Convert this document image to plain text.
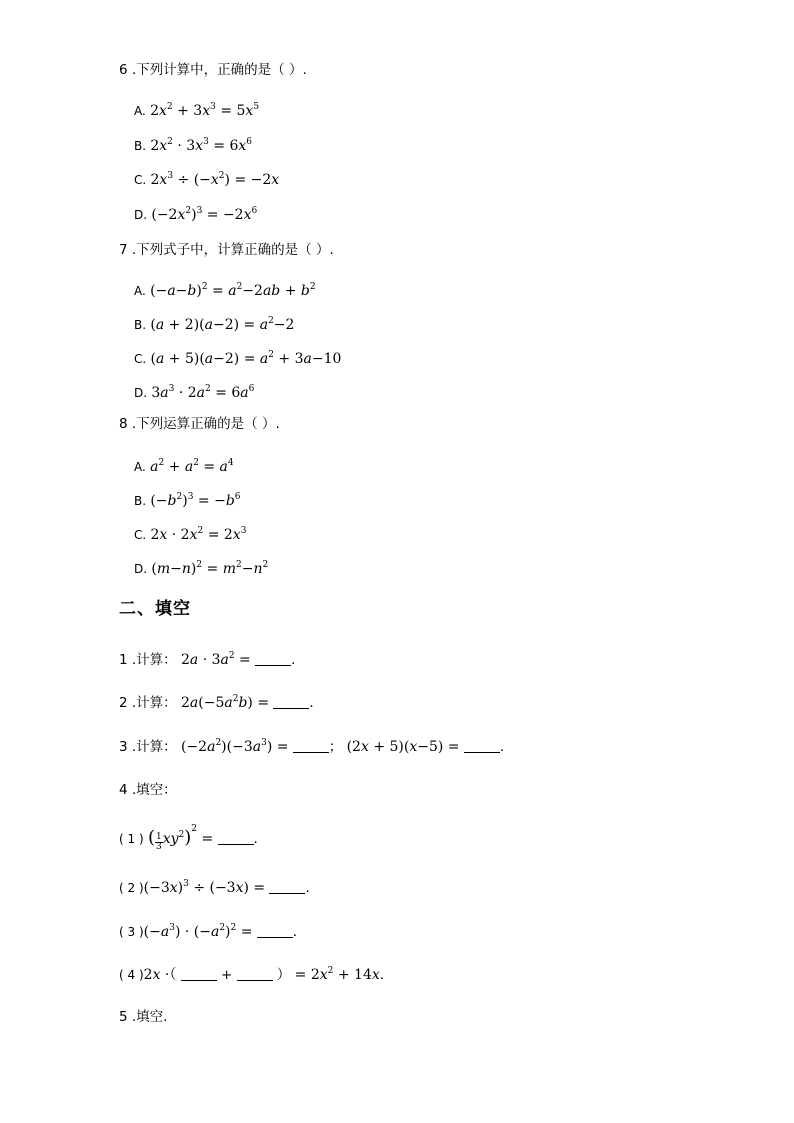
6 .下列计算中，正确的是（ ）.
A. $2x^2 + 3x^3 = 5x^5$
B. $2x^2 \cdot 3x^3 = 6x^6$
C. $2x^3 \div (-x^2) = -2x$
D. $(-2x^2)^3 = -2x^6$
7 .下列式子中，计算正确的是（ ）.
A. $(-a-b)^2 = a^2-2ab + b^2$
B. $(a + 2)(a-2) = a^2-2$
C. $(a + 5)(a-2) = a^2 + 3a-10$
D. $3a^3 \cdot 2a^2 = 6a^6$
8 .下列运算正确的是（ ）.
A. $a^2 + a^2 = a^4$
B. $(-b^2)^3 = -b^6$
C. $2x \cdot 2x^2 = 2x^3$
D. $(m-n)^2 = m^2-n^2$
二、填空
1 .计算： $2a \cdot 3a^2$ =	.
2 .计算： $2a(-5a^2b)$ =	.
3 .计算： $(-2a^2)(-3a^3)$ =	； (2x + 5)(x−5) =	.
4 .填空：
( 1 ) ( $\frac{1}{3} xy^2)^2$ =	.
( 2 )$(-3x)^3 \div (-3x)$ =	.
( 3 )$(-a^3) \cdot (-a^2)^2$ =	.
( 4 )2x ·（	+	） = $2x^2 + 14x$.
5 .填空.
